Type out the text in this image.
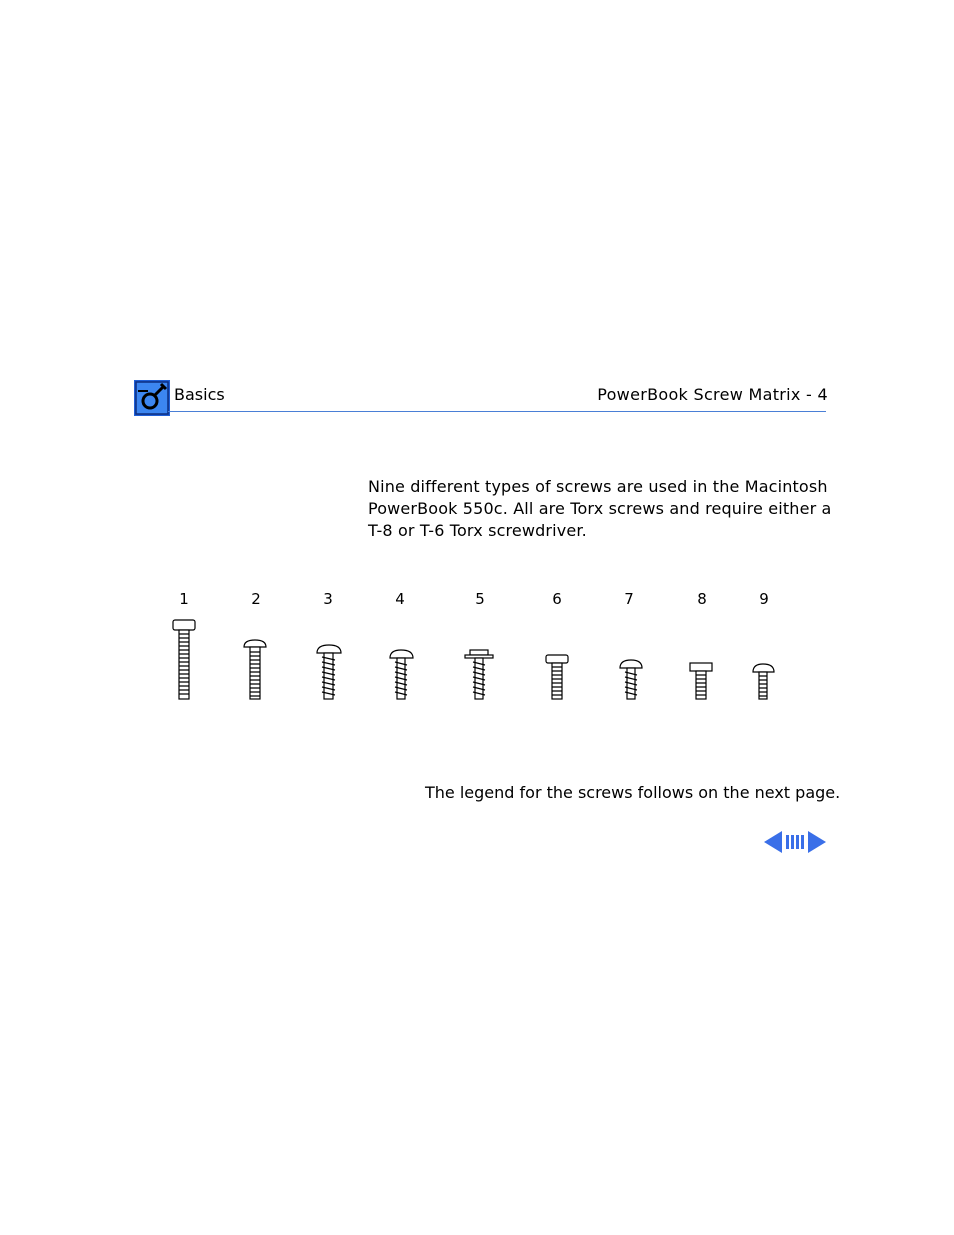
Basics	PowerBook Screw Matrix - 4
Nine different types of screws are used in the Macintosh
PowerBook 550c. All are Torx screws and require either a
T-8 or T-6 Torx screwdriver.
1	2	3	4	5	6	7	8	9
The legend for the screws follows on the next page.
